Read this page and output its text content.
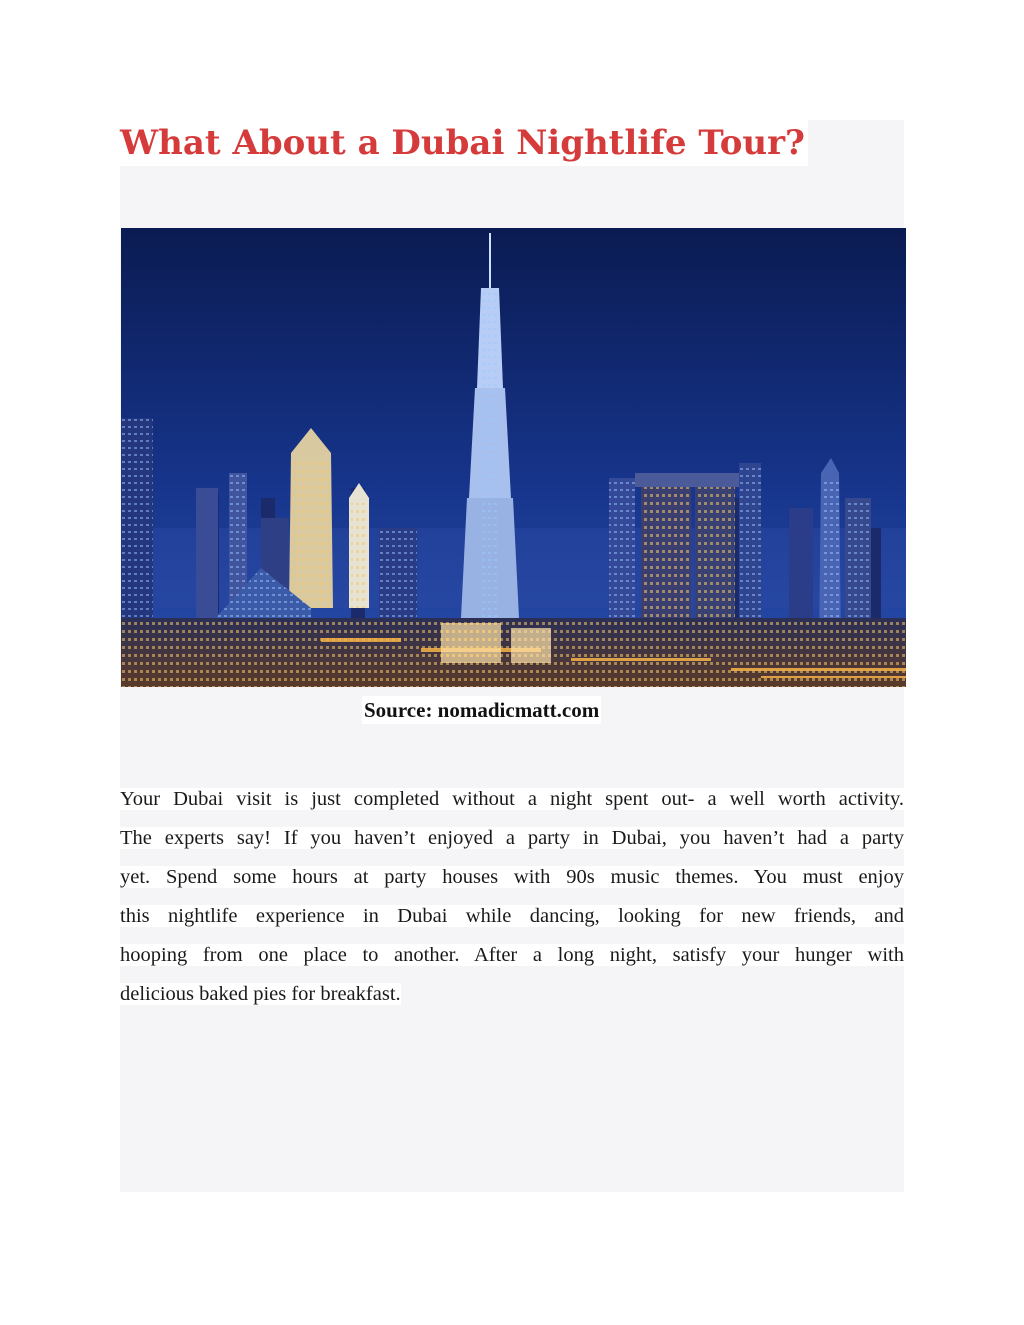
What About a Dubai Nightlife Tour?
Source: nomadicmatt.com

Your Dubai visit is just completed without a night spent out- a well worth activity.

The experts say! If you haven’t enjoyed a party in Dubai, you haven’t had a party

yet. Spend some hours at party houses with 90s music themes. You must enjoy

this nightlife experience in Dubai while dancing, looking for new friends, and

hooping from one place to another. After a long night, satisfy your hunger with

delicious baked pies for breakfast.
